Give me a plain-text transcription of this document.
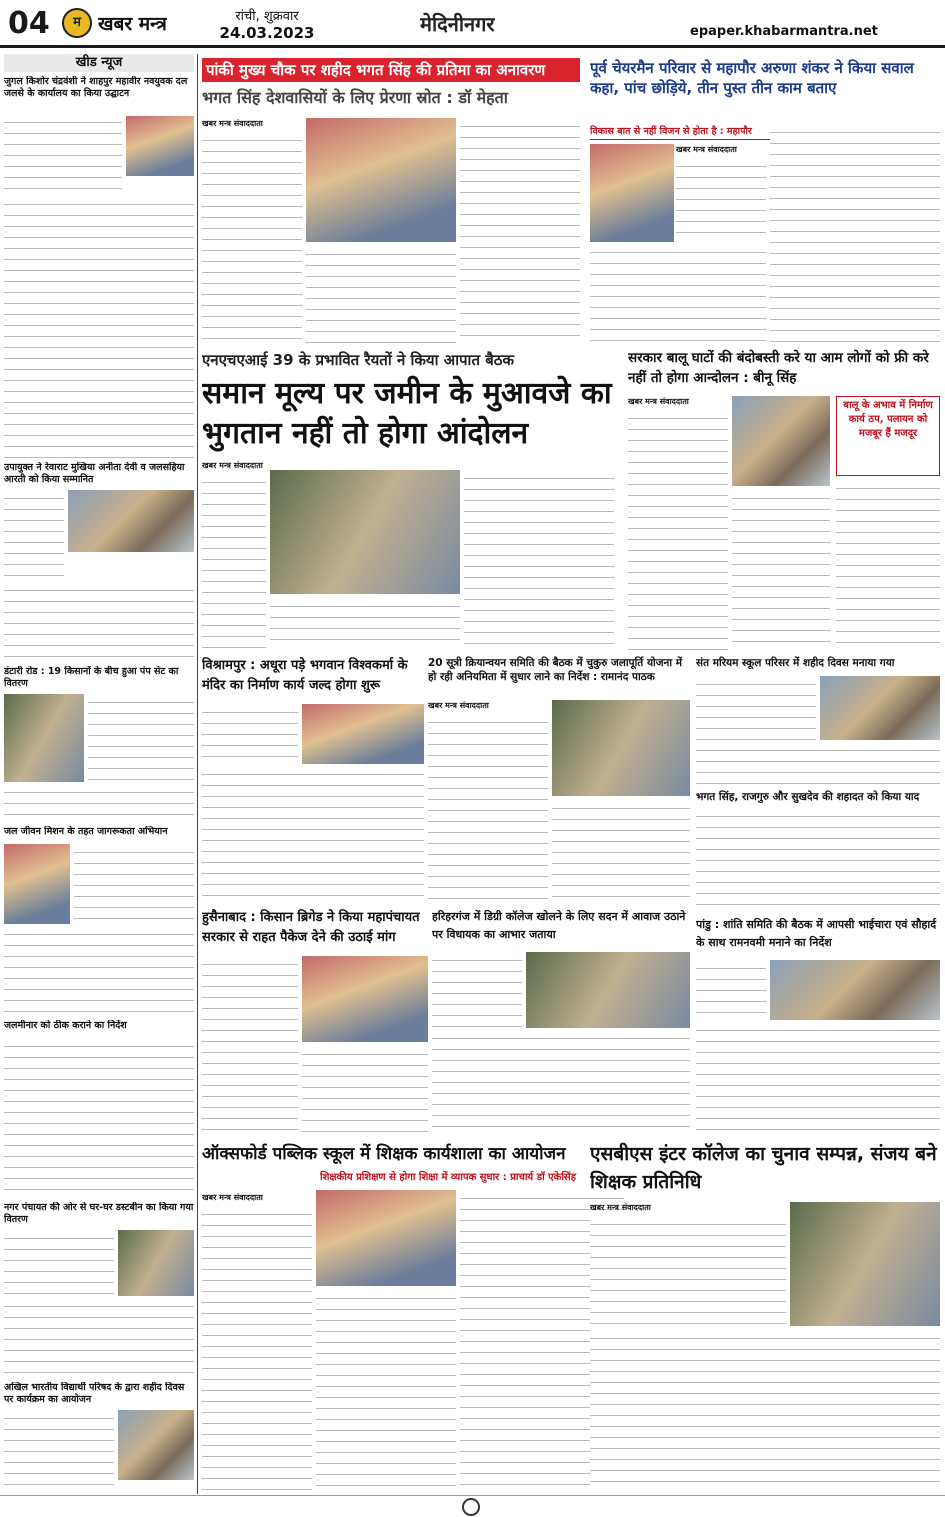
04	म खबर मन्त्र	रांची, शुक्रवार
24.03.2023	मेदिनीनगर	epaper.khabarmantra.net
खीड न्यूज
जुगल किशोर चंद्रवंशी ने शाहपुर महावीर नवयुवक दल जलसे के कार्यालय का किया उद्घाटन
उपायुक्त ने रेवाराट मुखिया अनीता देवी व जलसहिया आरती को किया सम्मानित
डंटारी रोड : 19 किसानों के बीच हुआ पंप सेट का वितरण
जल जीवन मिशन के तहत जागरूकता अभियान
जलमीनार को ठीक कराने का निर्देश
नगर पंचायत की ओर से घर-घर डस्टबीन का किया गया वितरण
अखिल भारतीय विद्यार्थी परिषद के द्वारा शहीद दिवस पर कार्यक्रम का आयोजन
पांकी मुख्य चौक पर शहीद भगत सिंह की प्रतिमा का अनावरण
भगत सिंह देशवासियों के लिए प्रेरणा स्रोत : डॉ मेहता
खबर मन्त्र संवाददाता
पूर्व चेयरमैन परिवार से महापौर अरुणा शंकर ने किया सवाल कहा, पांच छोड़िये, तीन पुस्त तीन काम बताए
विकास बात से नहीं विजन से होता है : महापौर
खबर मन्त्र संवाददाता
एनएचएआई 39 के प्रभावित रैयतों ने किया आपात बैठक
समान मूल्य पर जमीन के मुआवजे का भुगतान नहीं तो होगा आंदोलन
खबर मन्त्र संवाददाता
सरकार बालू घाटों की बंदोबस्ती करे या आम लोगों को फ्री करे नहीं तो होगा आन्दोलन : बीनू सिंह
खबर मन्त्र संवाददाता	बालू के अभाव में निर्माण कार्य ठप, पलायन को मजबूर हैं मजदूर
विश्रामपुर : अधूरा पड़े भगवान विश्वकर्मा के मंदिर का निर्माण कार्य जल्द होगा शुरू
20 सूत्री क्रियान्वयन समिति की बैठक में चुकुरु जलापूर्ति योजना में हो रही अनियमिता में सुधार लाने का निर्देश : रामानंद पाठक
खबर मन्त्र संवाददाता
संत मरियम स्कूल परिसर में शहीद दिवस मनाया गया
भगत सिंह, राजगुरु और सुखदेव की शहादत को किया याद
हुसैनाबाद : किसान ब्रिगेड ने किया महापंचायत सरकार से राहत पैकेज देने की उठाई मांग
हरिहरगंज में डिग्री कॉलेज खोलने के लिए सदन में आवाज उठाने पर विधायक का आभार जताया
पांडु : शांति समिति की बैठक में आपसी भाईचारा एवं सौहार्द के साथ रामनवमी मनाने का निर्देश
ऑक्सफोर्ड पब्लिक स्कूल में शिक्षक कार्यशाला का आयोजन
शिक्षकीय प्रशिक्षण से होगा शिक्षा में व्यापक सुधार : प्राचार्य डॉ एकेसिंह
खबर मन्त्र संवाददाता
एसबीएस इंटर कॉलेज का चुनाव सम्पन्न, संजय बने शिक्षक प्रतिनिधि
खबर मन्त्र संवाददाता
